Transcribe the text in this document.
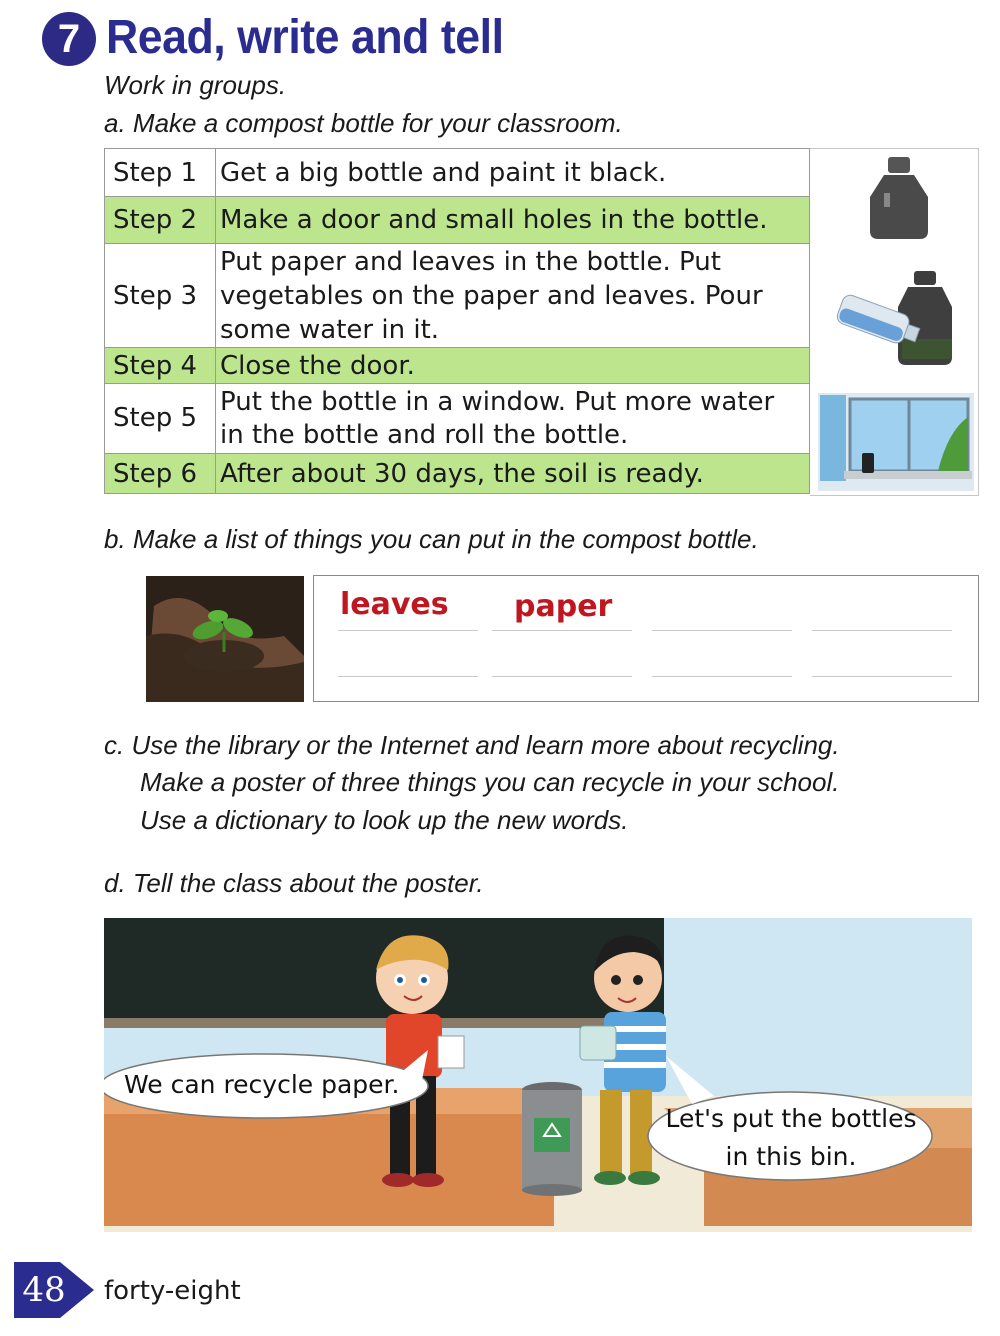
7 Read, write and tell
Work in groups.
a. Make a compost bottle for your classroom.
Step 1	Get a big bottle and paint it black.
Step 2	Make a door and small holes in the bottle.
Step 3	Put paper and leaves in the bottle. Put
vegetables on the paper and leaves. Pour
some water in it.

Step 4	Close the door.
Step 5	Put the bottle in a window. Put more water
in the bottle and roll the bottle.

Step 6	After about 30 days, the soil is ready.
b. Make a list of things you can put in the compost bottle.
leaves paper
c. Use the library or the Internet and learn more about recycling.
Make a poster of three things you can recycle in your school.
Use a dictionary to look up the new words.
d. Tell the class about the poster.
We can recycle paper.
Let's put the bottles
in this bin.
48	forty-eight
